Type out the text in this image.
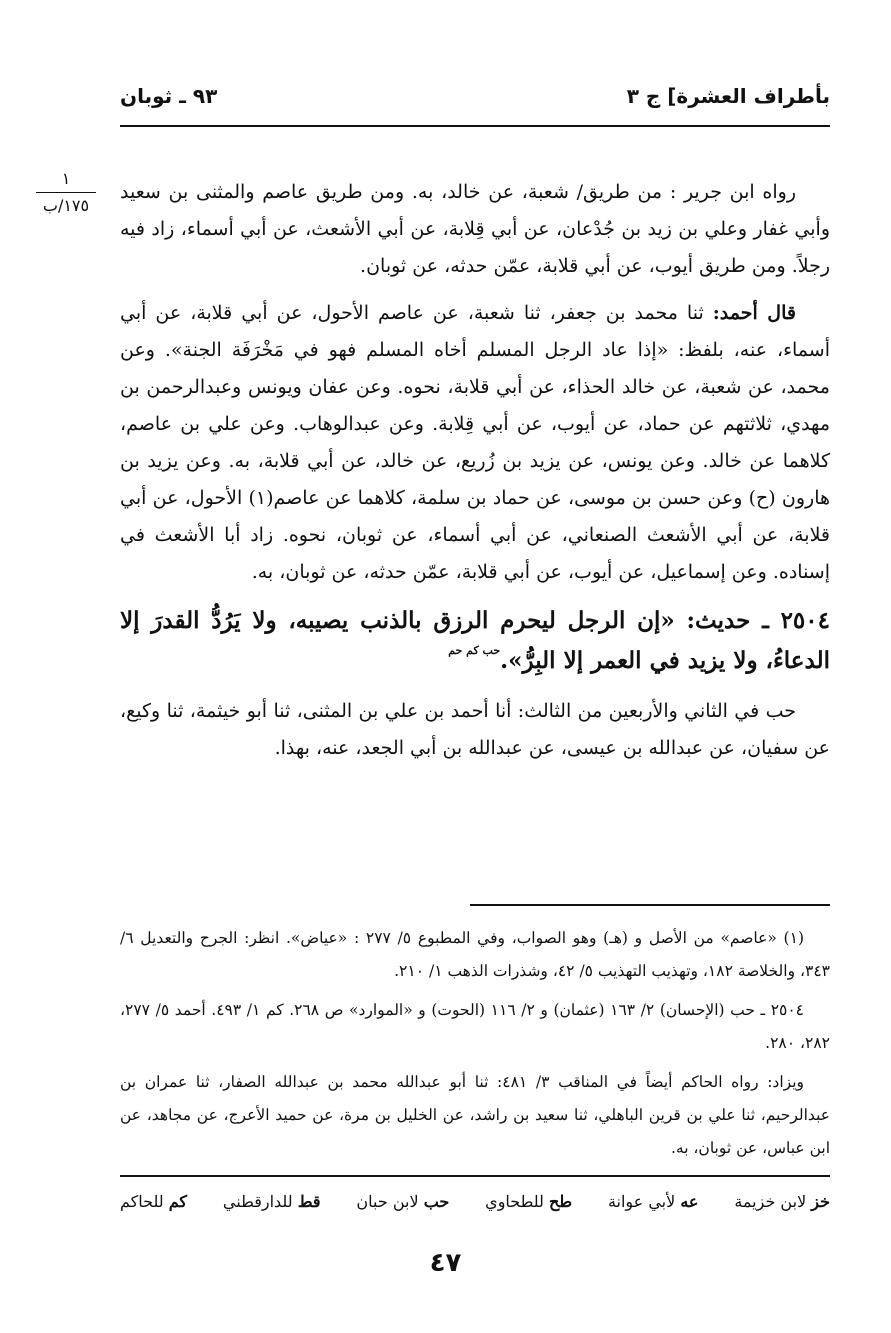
بأطراف العشرة] ج ٣
٩٣ ـ ثوبان
١
١٧٥/ب

رواه ابن جرير : من طريق/ شعبة، عن خالد، به. ومن طريق عاصم والمثنى بن سعيد وأبي غفار وعلي بن زيد بن جُدْعان، عن أبي قِلابة، عن أبي الأشعث، عن أبي أسماء، زاد فيه رجلاً. ومن طريق أيوب، عن أبي قلابة، عمّن حدثه، عن ثوبان.

قال أحمد: ثنا محمد بن جعفر، ثنا شعبة، عن عاصم الأحول، عن أبي قلابة، عن أبي أسماء، عنه، بلفظ: «إذا عاد الرجل المسلم أخاه المسلم فهو في مَخْرَفَة الجنة». وعن محمد، عن شعبة، عن خالد الحذاء، عن أبي قلابة، نحوه. وعن عفان ويونس وعبدالرحمن بن مهدي، ثلاثتهم عن حماد، عن أيوب، عن أبي قِلابة. وعن عبدالوهاب. وعن علي بن عاصم، كلاهما عن خالد. وعن يونس، عن يزيد بن زُريع، عن خالد، عن أبي قلابة، به. وعن يزيد بن هارون (ح) وعن حسن بن موسى، عن حماد بن سلمة، كلاهما عن عاصم(١) الأحول، عن أبي قلابة، عن أبي الأشعث الصنعاني، عن أبي أسماء، عن ثوبان، نحوه. زاد أبا الأشعث في إسناده. وعن إسماعيل، عن أيوب، عن أبي قلابة، عمّن حدثه، عن ثوبان، به.

٢٥٠٤ ـ حديث: «إن الرجل ليحرم الرزق بالذنب يصيبه، ولا يَرُدُّ القدرَ إلا الدعاءُ، ولا يزيد في العمر إلا البِرُّ».$^{حب كم حم}$

حب في الثاني والأربعين من الثالث: أنا أحمد بن علي بن المثنى، ثنا أبو خيثمة، ثنا وكيع، عن سفيان، عن عبدالله بن عيسى، عن عبدالله بن أبي الجعد، عنه، بهذا.

(١) «عاصم» من الأصل و (هـ) وهو الصواب، وفي المطبوع ٥/ ٢٧٧ : «عياض». انظر: الجرح والتعديل ٦/ ٣٤٣، والخلاصة ١٨٢، وتهذيب التهذيب ٥/ ٤٢، وشذرات الذهب ١/ ٢١٠.

٢٥٠٤ ـ حب (الإحسان) ٢/ ١٦٣ (عثمان) و ٢/ ١١٦ (الحوت) و «الموارد» ص ٢٦٨. كم ١/ ٤٩٣. أحمد ٥/ ٢٧٧، ٢٨٢، ٢٨٠.

ويزاد: رواه الحاكم أيضاً في المناقب ٣/ ٤٨١: ثنا أبو عبدالله محمد بن عبدالله الصفار، ثنا عمران بن عبدالرحيم، ثنا علي بن قرين الباهلي، ثنا سعيد بن راشد، عن الخليل بن مرة، عن حميد الأعرج، عن مجاهد، عن ابن عباس، عن ثوبان، به.

خز لابن خزيمة
عه لأبي عوانة
طح للطحاوي
حب لابن حبان
قط للدارقطني
كم للحاكم
٤٧
